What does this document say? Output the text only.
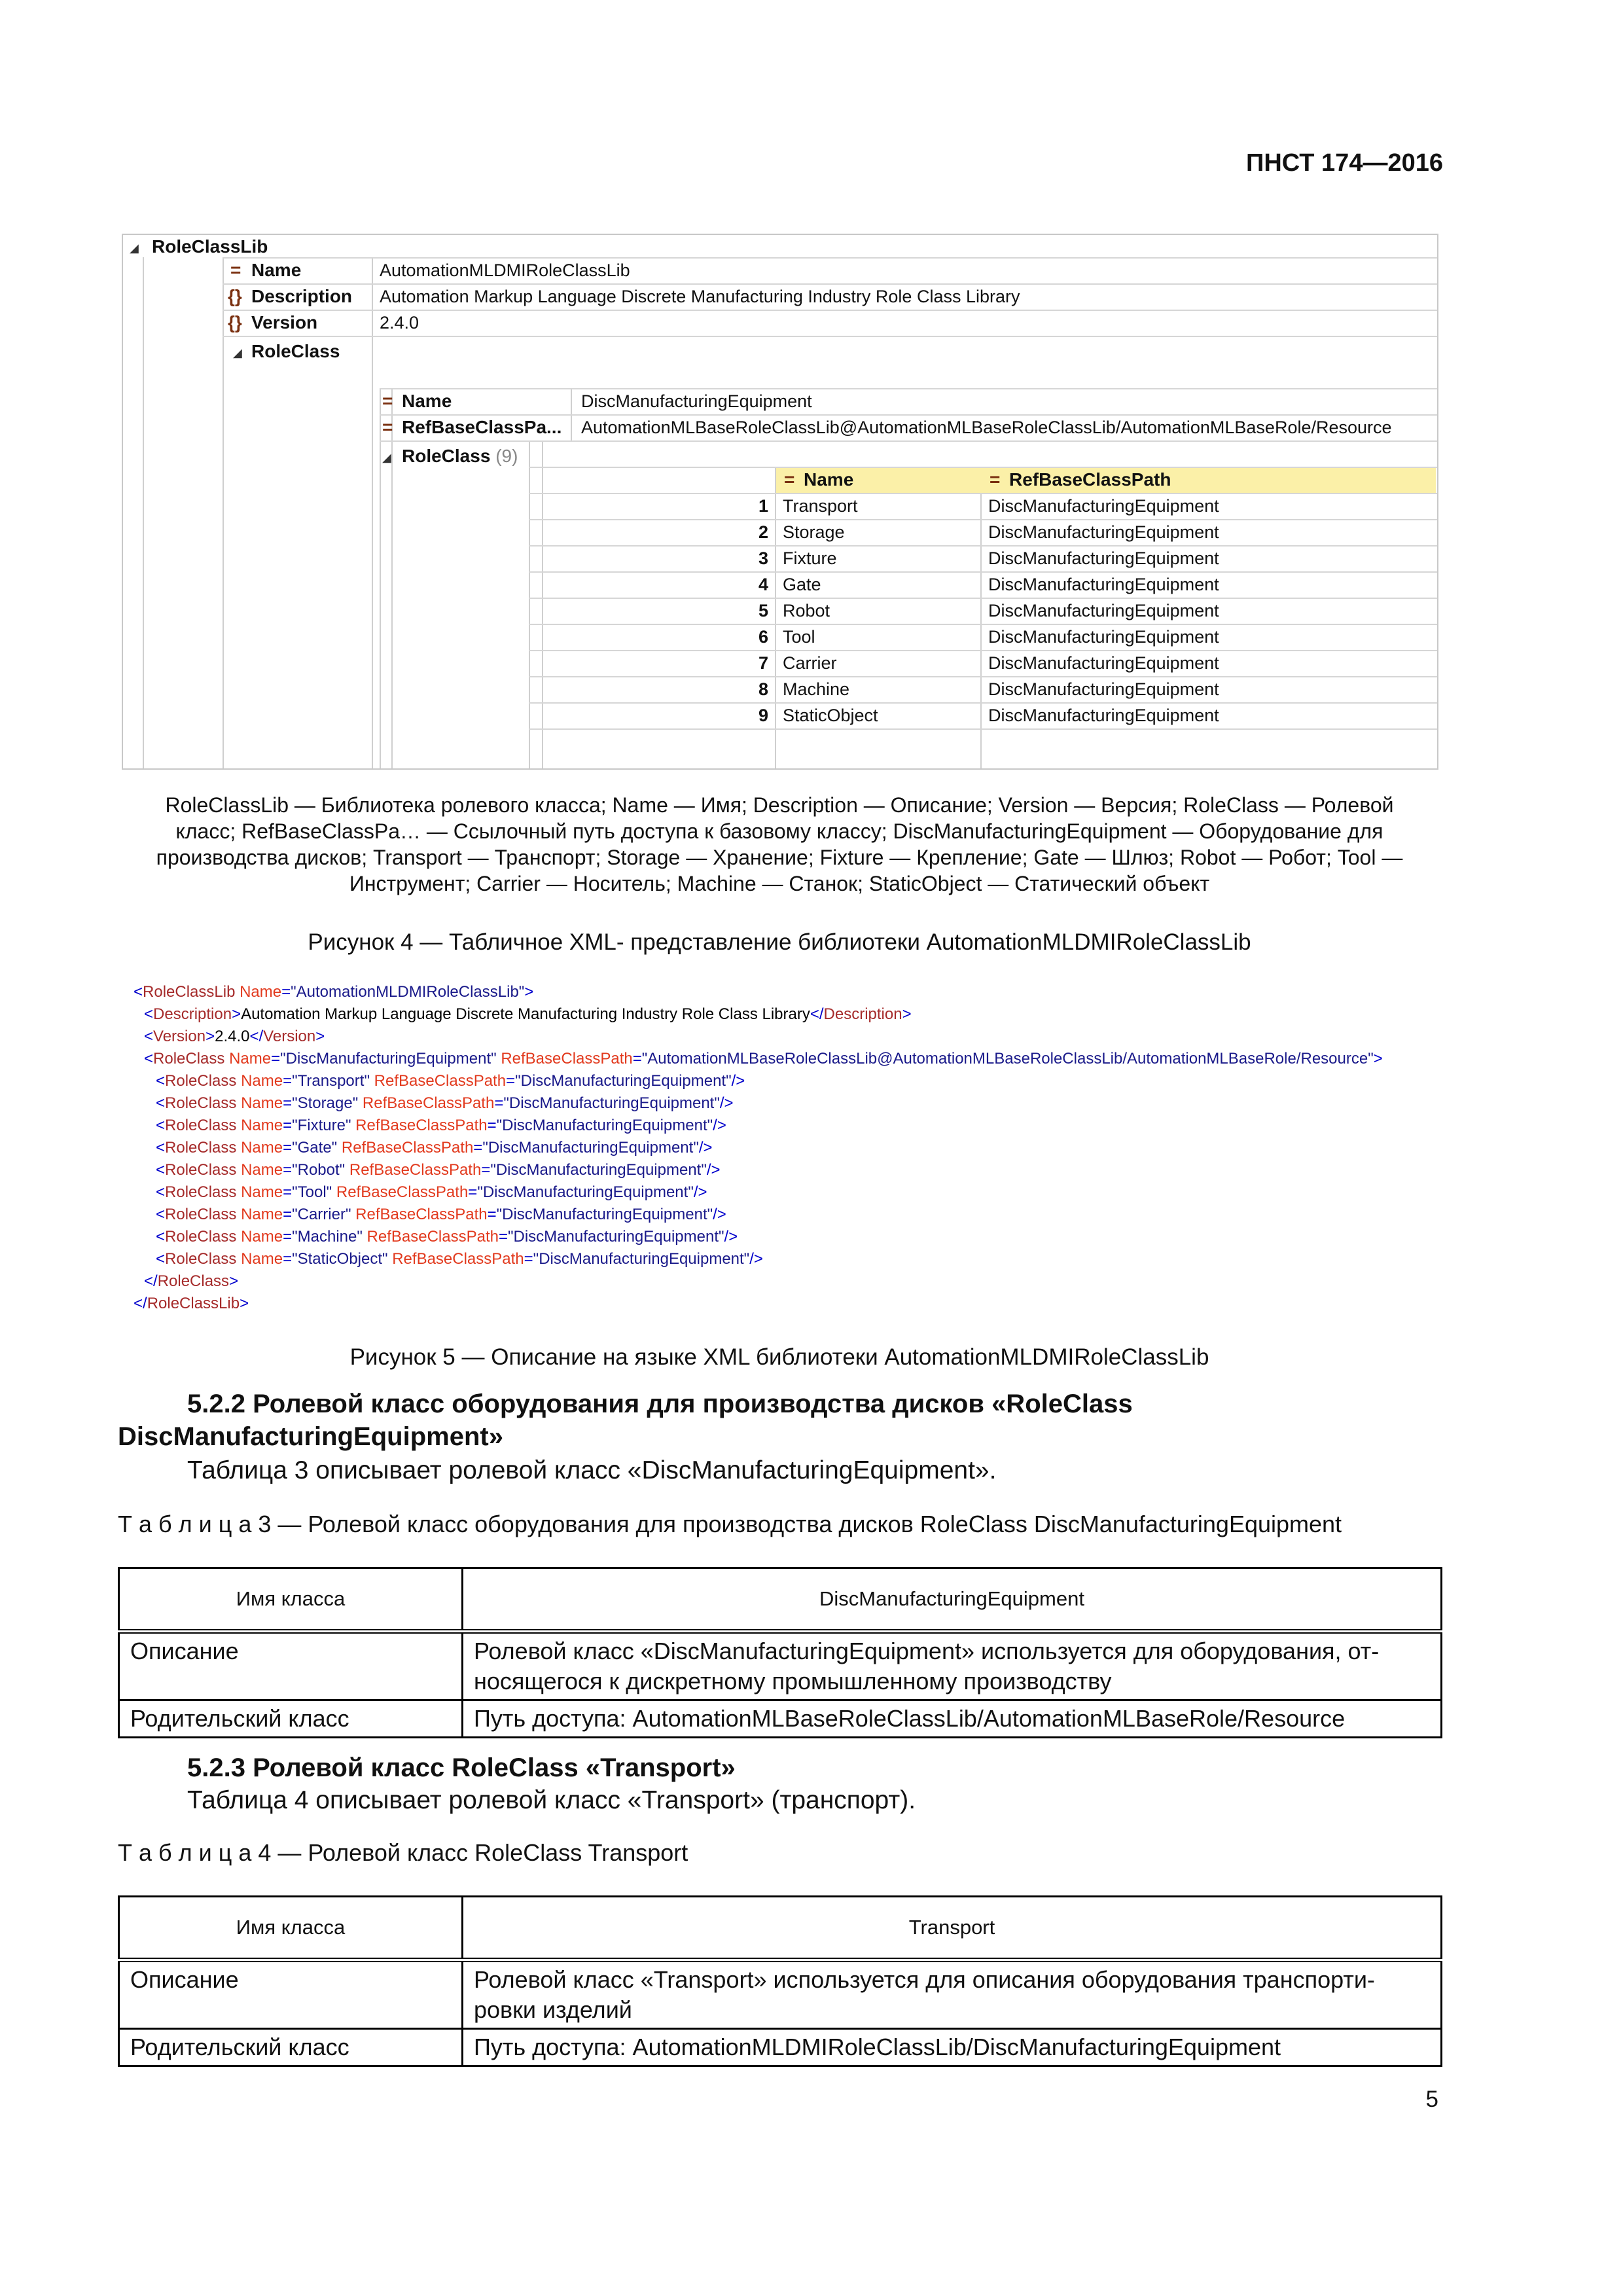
ПНСТ 174—2016
◢ RoleClassLib
= Name	AutomationMLDMIRoleClassLib
{} Description Automation Markup Language Discrete Manufacturing Industry Role Class Library
{} Version	2.4.0
◢ RoleClass
= Name	DiscManufacturingEquipment
= RefBaseClassPa... AutomationMLBaseRoleClassLib@AutomationMLBaseRoleClassLib/AutomationMLBaseRole/Resource
◢ RoleClass (9)
= Name	= RefBaseClassPath
1 Transport	DiscManufacturingEquipment
2 Storage	DiscManufacturingEquipment
3 Fixture	DiscManufacturingEquipment
4 Gate	DiscManufacturingEquipment
5 Robot	DiscManufacturingEquipment
6 Tool	DiscManufacturingEquipment
7 Carrier	DiscManufacturingEquipment
8 Machine	DiscManufacturingEquipment
9 StaticObject	DiscManufacturingEquipment
RoleClassLib — Библиотека ролевого класса; Name — Имя; Description — Описание; Version — Версия; RoleClass — Ролевой
класс; RefBaseClassPa… — Ссылочный путь доступа к базовому классу; DiscManufacturingEquipment — Оборудование для
производства дисков; Transport — Транспорт; Storage — Хранение; Fixture — Крепление; Gate — Шлюз; Robot — Робот; Tool —
Инструмент; Carrier — Носитель; Machine — Станок; StaticObject — Статический объект
Рисунок 4 — Табличное XML- представление библиотеки AutomationMLDMIRoleClassLib
<RoleClassLib Name="AutomationMLDMIRoleClassLib">
<Description>Automation Markup Language Discrete Manufacturing Industry Role Class Library</Description>
<Version>2.4.0</Version>
<RoleClass Name="DiscManufacturingEquipment" RefBaseClassPath="AutomationMLBaseRoleClassLib@AutomationMLBaseRoleClassLib/AutomationMLBaseRole/Resource">
<RoleClass Name="Transport" RefBaseClassPath="DiscManufacturingEquipment"/>
<RoleClass Name="Storage" RefBaseClassPath="DiscManufacturingEquipment"/>
<RoleClass Name="Fixture" RefBaseClassPath="DiscManufacturingEquipment"/>
<RoleClass Name="Gate" RefBaseClassPath="DiscManufacturingEquipment"/>
<RoleClass Name="Robot" RefBaseClassPath="DiscManufacturingEquipment"/>
<RoleClass Name="Tool" RefBaseClassPath="DiscManufacturingEquipment"/>
<RoleClass Name="Carrier" RefBaseClassPath="DiscManufacturingEquipment"/>
<RoleClass Name="Machine" RefBaseClassPath="DiscManufacturingEquipment"/>
<RoleClass Name="StaticObject" RefBaseClassPath="DiscManufacturingEquipment"/>
</RoleClass>
</RoleClassLib>
Рисунок 5 — Описание на языке XML библиотеки AutomationMLDMIRoleClassLib
5.2.2 Ролевой класс оборудования для производства дисков «RoleClass
DiscManufacturingEquipment»
Таблица 3 описывает ролевой класс «DiscManufacturingEquipment».
Т а б л и ц а 3 — Ролевой класс оборудования для производства дисков RoleClass DiscManufacturingEquipment
Имя класса	DiscManufacturingEquipment
Описание	Ролевой класс «DiscManufacturingEquipment» используется для оборудования, от-
носящегося к дискретному промышленному производству

Родительский класс	Путь доступа: AutomationMLBaseRoleClassLib/AutomationMLBaseRole/Resource
5.2.3 Ролевой класс RoleClass «Transport»
Таблица 4 описывает ролевой класс «Transport» (транспорт).
Т а б л и ц а 4 — Ролевой класс RoleClass Transport
Имя класса	Transport
Описание	Ролевой класс «Transport» используется для описания оборудования транспорти-
ровки изделий

Родительский класс	Путь доступа: AutomationMLDMIRoleClassLib/DiscManufacturingEquipment
5
